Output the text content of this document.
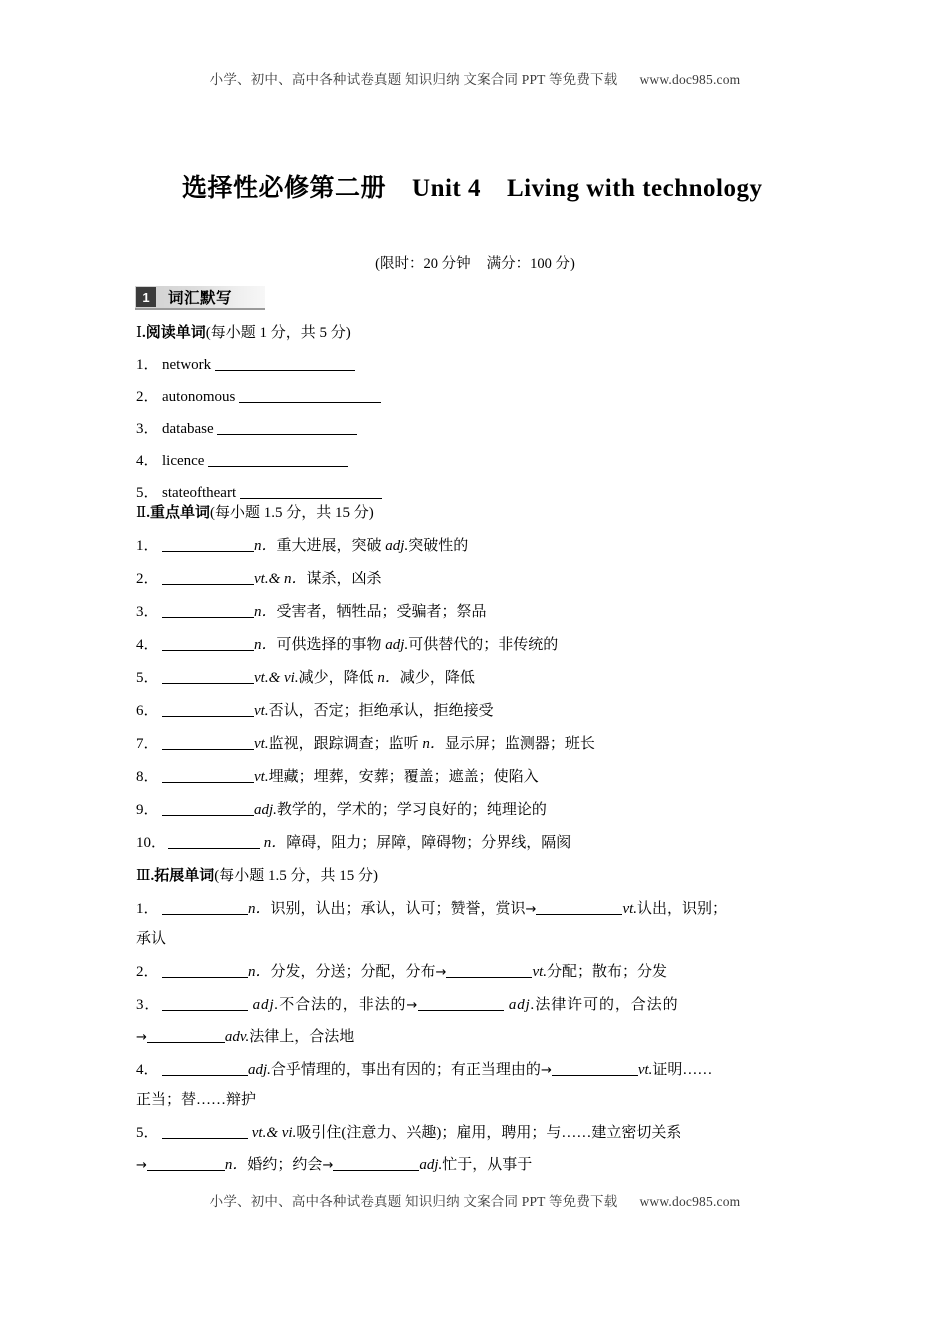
小学、初中、高中各种试卷真题 知识归纳 文案合同 PPT 等免费下载 www.doc985.com
选择性必修第二册 Unit 4 Living with technology
(限时：20 分钟 满分：100 分)
1	词汇默写
Ⅰ.阅读单词(每小题 1 分，共 5 分)
1． network
2． autonomous
3． database
4． licence
5． stateoftheart
Ⅱ.重点单词(每小题 1.5 分，共 15 分)
1．	n．重大进展，突破 adj.突破性的
2．	vt.& n．谋杀，凶杀
3．	n．受害者，牺牲品；受骗者；祭品
4．	n．可供选择的事物 adj.可供替代的；非传统的
5．	vt.& vi.减少，降低 n．减少，降低
6．	vt.否认，否定；拒绝承认，拒绝接受
7．	vt.监视，跟踪调查；监听 n．显示屏；监测器；班长
8．	vt.埋藏；埋葬，安葬；覆盖；遮盖；使陷入
9．	adj.教学的，学术的；学习良好的；纯理论的
10．	n．障碍，阻力；屏障，障碍物；分界线，隔阂
Ⅲ.拓展单词(每小题 1.5 分，共 15 分)
1．	n．识别，认出；承认，认可；赞誉，赏识→	vt.认出，识别；
承认
2．	n．分发，分送；分配，分布→	vt.分配；散布；分发
3．	adj.不合法的，非法的→	adj.法律许可的，合法的
→	adv.法律上，合法地
4．	adj.合乎情理的，事出有因的；有正当理由的→	vt.证明……
正当；替……辩护
5．	vt.& vi.吸引住(注意力、兴趣)；雇用，聘用；与……建立密切关系
→	n．婚约；约会→	adj.忙于，从事于
小学、初中、高中各种试卷真题 知识归纳 文案合同 PPT 等免费下载 www.doc985.com
